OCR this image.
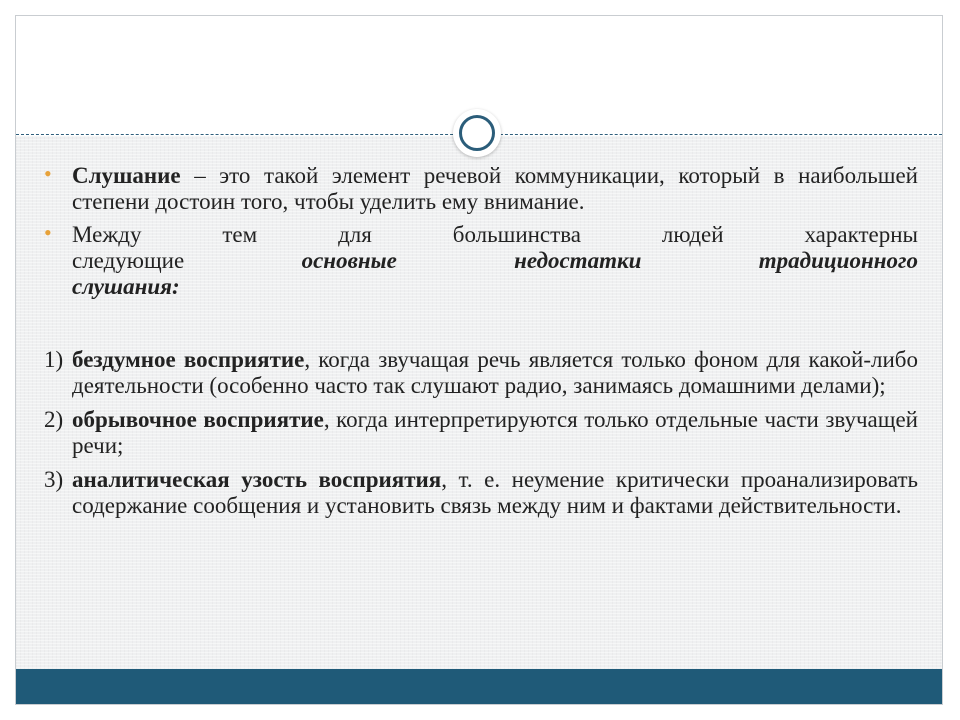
• Слушание – это такой элемент речевой коммуникации, который в наибольшей степени достоин того, чтобы уделить ему внимание.
• Между тем для большинства людей характерны
следующие	основные недостатки традиционного
слушания:
1) бездумное восприятие, когда звучащая речь является только фоном для какой-либо деятельности (особенно часто так слушают радио, занимаясь домашними делами);
2) обрывочное восприятие, когда интерпретируются только отдельные части звучащей речи;
3) аналитическая узость восприятия, т. е. неумение критически проанализировать содержание сообщения и установить связь между ним и фактами действительности.
